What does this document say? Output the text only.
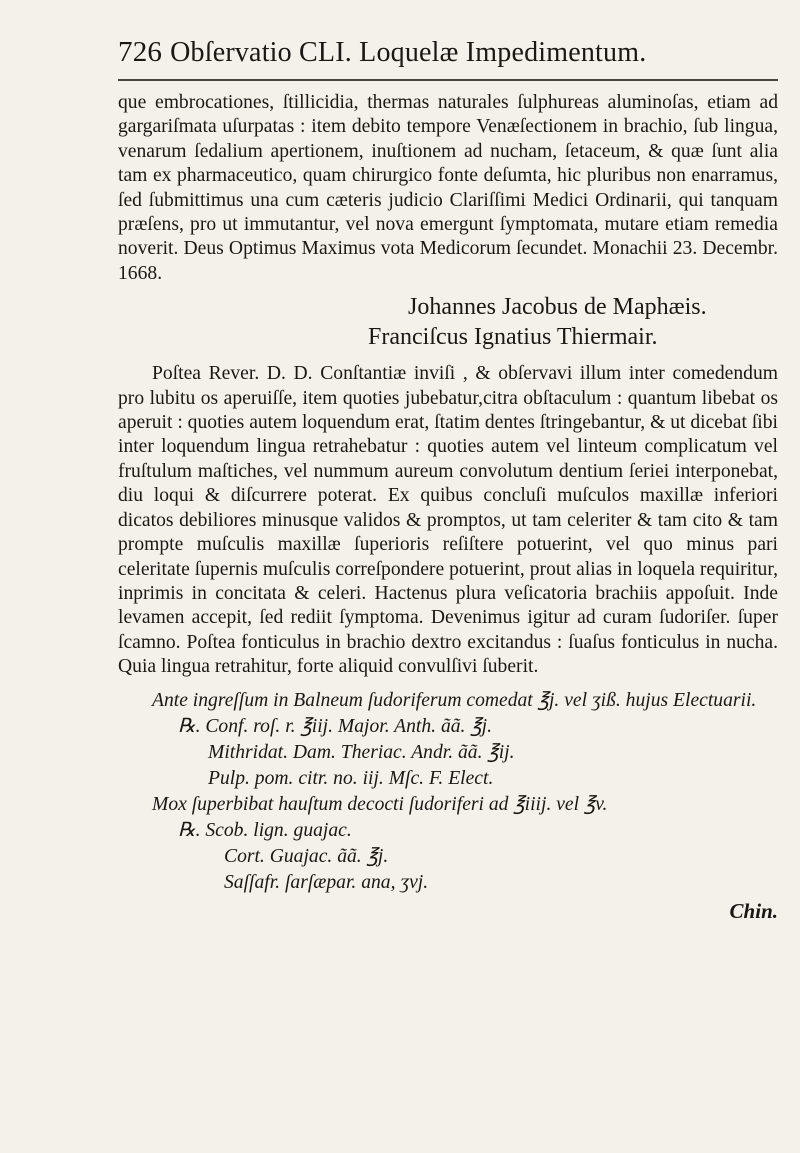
726 Obſervatio CLI. Loquelæ Impedimentum.

que embrocationes, ſtillicidia, thermas naturales ſulphureas aluminoſas, etiam ad gargariſmata uſurpatas : item debito tempore Venæſectionem in brachio, ſub lingua, venarum ſedalium apertionem, inuſtionem ad nucham, ſetaceum, & quæ ſunt alia tam ex pharmaceutico, quam chirurgico fonte deſumta, hic pluribus non enarramus, ſed ſubmittimus una cum cæteris judicio Clariſſimi Medici Ordinarii, qui tanquam præſens, pro ut immutantur, vel nova emergunt ſymptomata, mutare etiam remedia noverit. Deus Optimus Maximus vota Medicorum ſecundet. Monachii 23. Decembr. 1668.

Johannes Jacobus de Maphæis.
Franciſcus Ignatius Thiermair.

Poſtea Rever. D. D. Conſtantiæ inviſi , & obſervavi illum inter comedendum pro lubitu os aperuiſſe, item quoties jubebatur,citra obſtaculum : quantum libebat os aperuit : quoties autem loquendum erat, ſtatim dentes ſtringebantur, & ut dicebat ſibi inter loquendum lingua retrahebatur : quoties autem vel linteum complicatum vel fruſtulum maſtiches, vel nummum aureum convolutum dentium ſeriei interponebat, diu loqui & diſcurrere poterat. Ex quibus concluſi muſculos maxillæ inferiori dicatos debiliores minusque validos & promptos, ut tam celeriter & tam cito & tam prompte muſculis maxillæ ſuperioris reſiſtere potuerint, vel quo minus pari celeritate ſupernis muſculis correſpondere potuerint, prout alias in loquela requiritur, inprimis in concitata & celeri. Hactenus plura veſicatoria brachiis appoſuit. Inde levamen accepit, ſed rediit ſymptoma. Devenimus igitur ad curam ſudoriſer. ſuper ſcamno. Poſtea fonticulus in brachio dextro excitandus : ſuaſus fonticulus in nucha. Quia lingua retrahitur, forte aliquid convulſivi ſuberit.

Ante ingreſſum in Balneum ſudoriferum comedat ℥j. vel ʒiß. hujus Electuarii.
℞. Conf. roſ. r. ℥iij. Major. Anth. ãã. ℥j.
Mithridat. Dam. Theriac. Andr. ãã. ℥ij.
Pulp. pom. citr. no. iij. Mſc. F. Elect.
Mox ſuperbibat hauſtum decocti ſudoriferi ad ℥iiij. vel ℥v.
℞. Scob. lign. guajac.
Cort. Guajac. ãã. ℥j.
Saſſafr. ſarſæpar. ana, ʒvj.
Chin.
